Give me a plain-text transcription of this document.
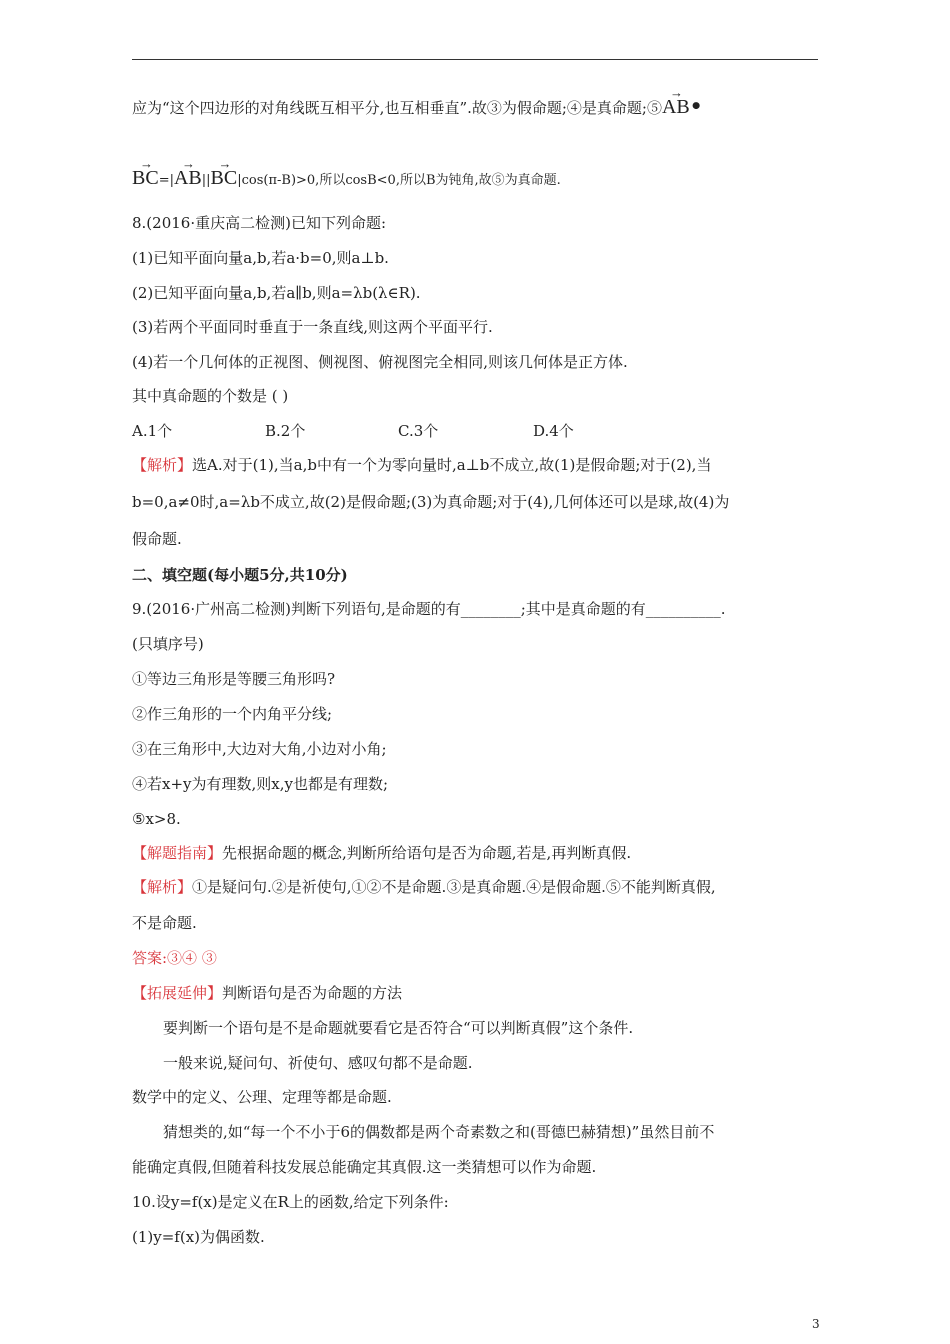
应为“这个四边形的对角线既互相平分,也互相垂直”.故③为假命题;④是真命题;⑤
→
AB•
→
BC=|
→
AB||
→
BC|cos(π-B)>0,所以cosB<0,所以B为钝角,故⑤为真命题.
8.(2016·重庆高二检测)已知下列命题:
(1)已知平面向量a,b,若a·b=0,则a⊥b.
(2)已知平面向量a,b,若a∥b,则a=λb(λ∈R).
(3)若两个平面同时垂直于一条直线,则这两个平面平行.
(4)若一个几何体的正视图、侧视图、俯视图完全相同,则该几何体是正方体.
其中真命题的个数是 ( )
A.1个	B.2个	C.3个	D.4个
【解析】选A.对于(1),当a,b中有一个为零向量时,a⊥b不成立,故(1)是假命题;对于(2),当
b=0,a≠0时,a=λb不成立,故(2)是假命题;(3)为真命题;对于(4),几何体还可以是球,故(4)为
假命题.
二、填空题(每小题5分,共10分)
9.(2016·广州高二检测)判断下列语句,是命题的有________;其中是真命题的有__________.
(只填序号)
①等边三角形是等腰三角形吗?
②作三角形的一个内角平分线;
③在三角形中,大边对大角,小边对小角;
④若x+y为有理数,则x,y也都是有理数;
⑤x>8.
【解题指南】先根据命题的概念,判断所给语句是否为命题,若是,再判断真假.
【解析】①是疑问句.②是祈使句,①②不是命题.③是真命题.④是假命题.⑤不能判断真假,
不是命题.
答案:③④ ③
【拓展延伸】判断语句是否为命题的方法
要判断一个语句是不是命题就要看它是否符合“可以判断真假”这个条件.
一般来说,疑问句、祈使句、感叹句都不是命题.
数学中的定义、公理、定理等都是命题.
猜想类的,如“每一个不小于6的偶数都是两个奇素数之和(哥德巴赫猜想)”虽然目前不
能确定真假,但随着科技发展总能确定其真假.这一类猜想可以作为命题.
10.设y=f(x)是定义在R上的函数,给定下列条件:
(1)y=f(x)为偶函数.
3
